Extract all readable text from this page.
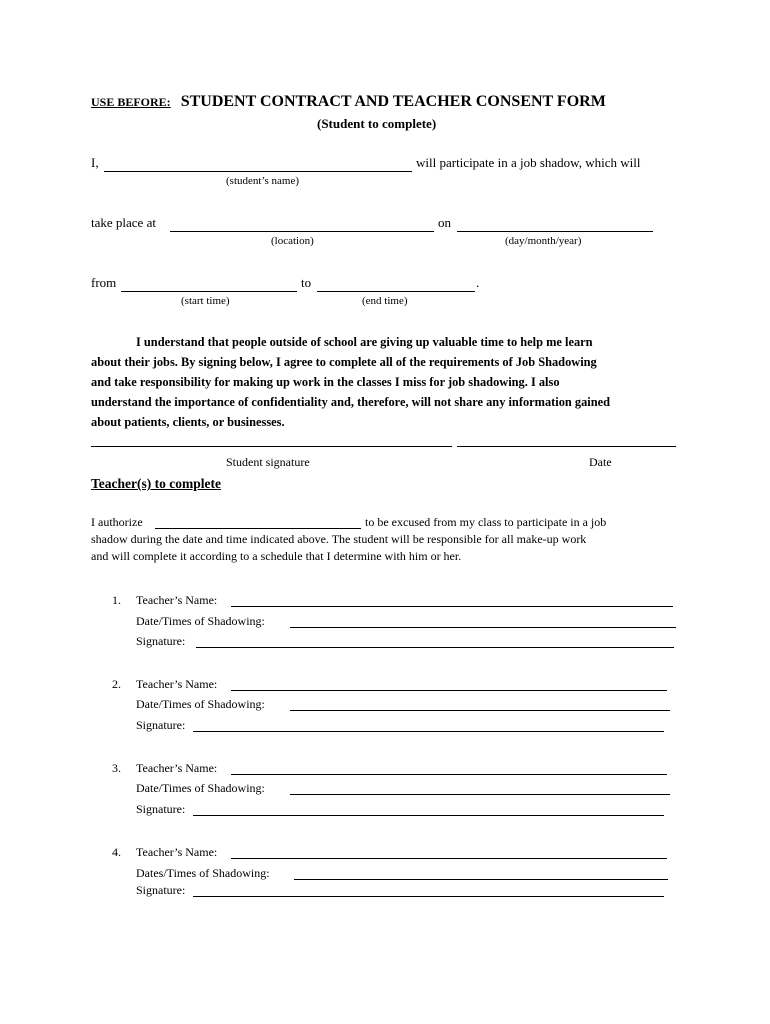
USE BEFORE: STUDENT CONTRACT AND TEACHER CONSENT FORM
(Student to complete)
I,	will participate in a job shadow, which will
(student’s name)
take place at	on
(location)	(day/month/year)
from	to	.
(start time)	(end time)
I understand that people outside of school are giving up valuable time to help me learn
about their jobs. By signing below, I agree to complete all of the requirements of Job Shadowing
and take responsibility for making up work in the classes I miss for job shadowing. I also
understand the importance of confidentiality and, therefore, will not share any information gained
about patients, clients, or businesses.
Student signature	Date
Teacher(s) to complete
I authorize	to be excused from my class to participate in a job
shadow during the date and time indicated above. The student will be responsible for all make-up work
and will complete it according to a schedule that I determine with him or her.
1. Teacher’s Name:
Date/Times of Shadowing:
Signature:
2. Teacher’s Name:
Date/Times of Shadowing:
Signature:
3. Teacher’s Name:
Date/Times of Shadowing:
Signature:
4. Teacher’s Name:
Dates/Times of Shadowing:
Signature:
